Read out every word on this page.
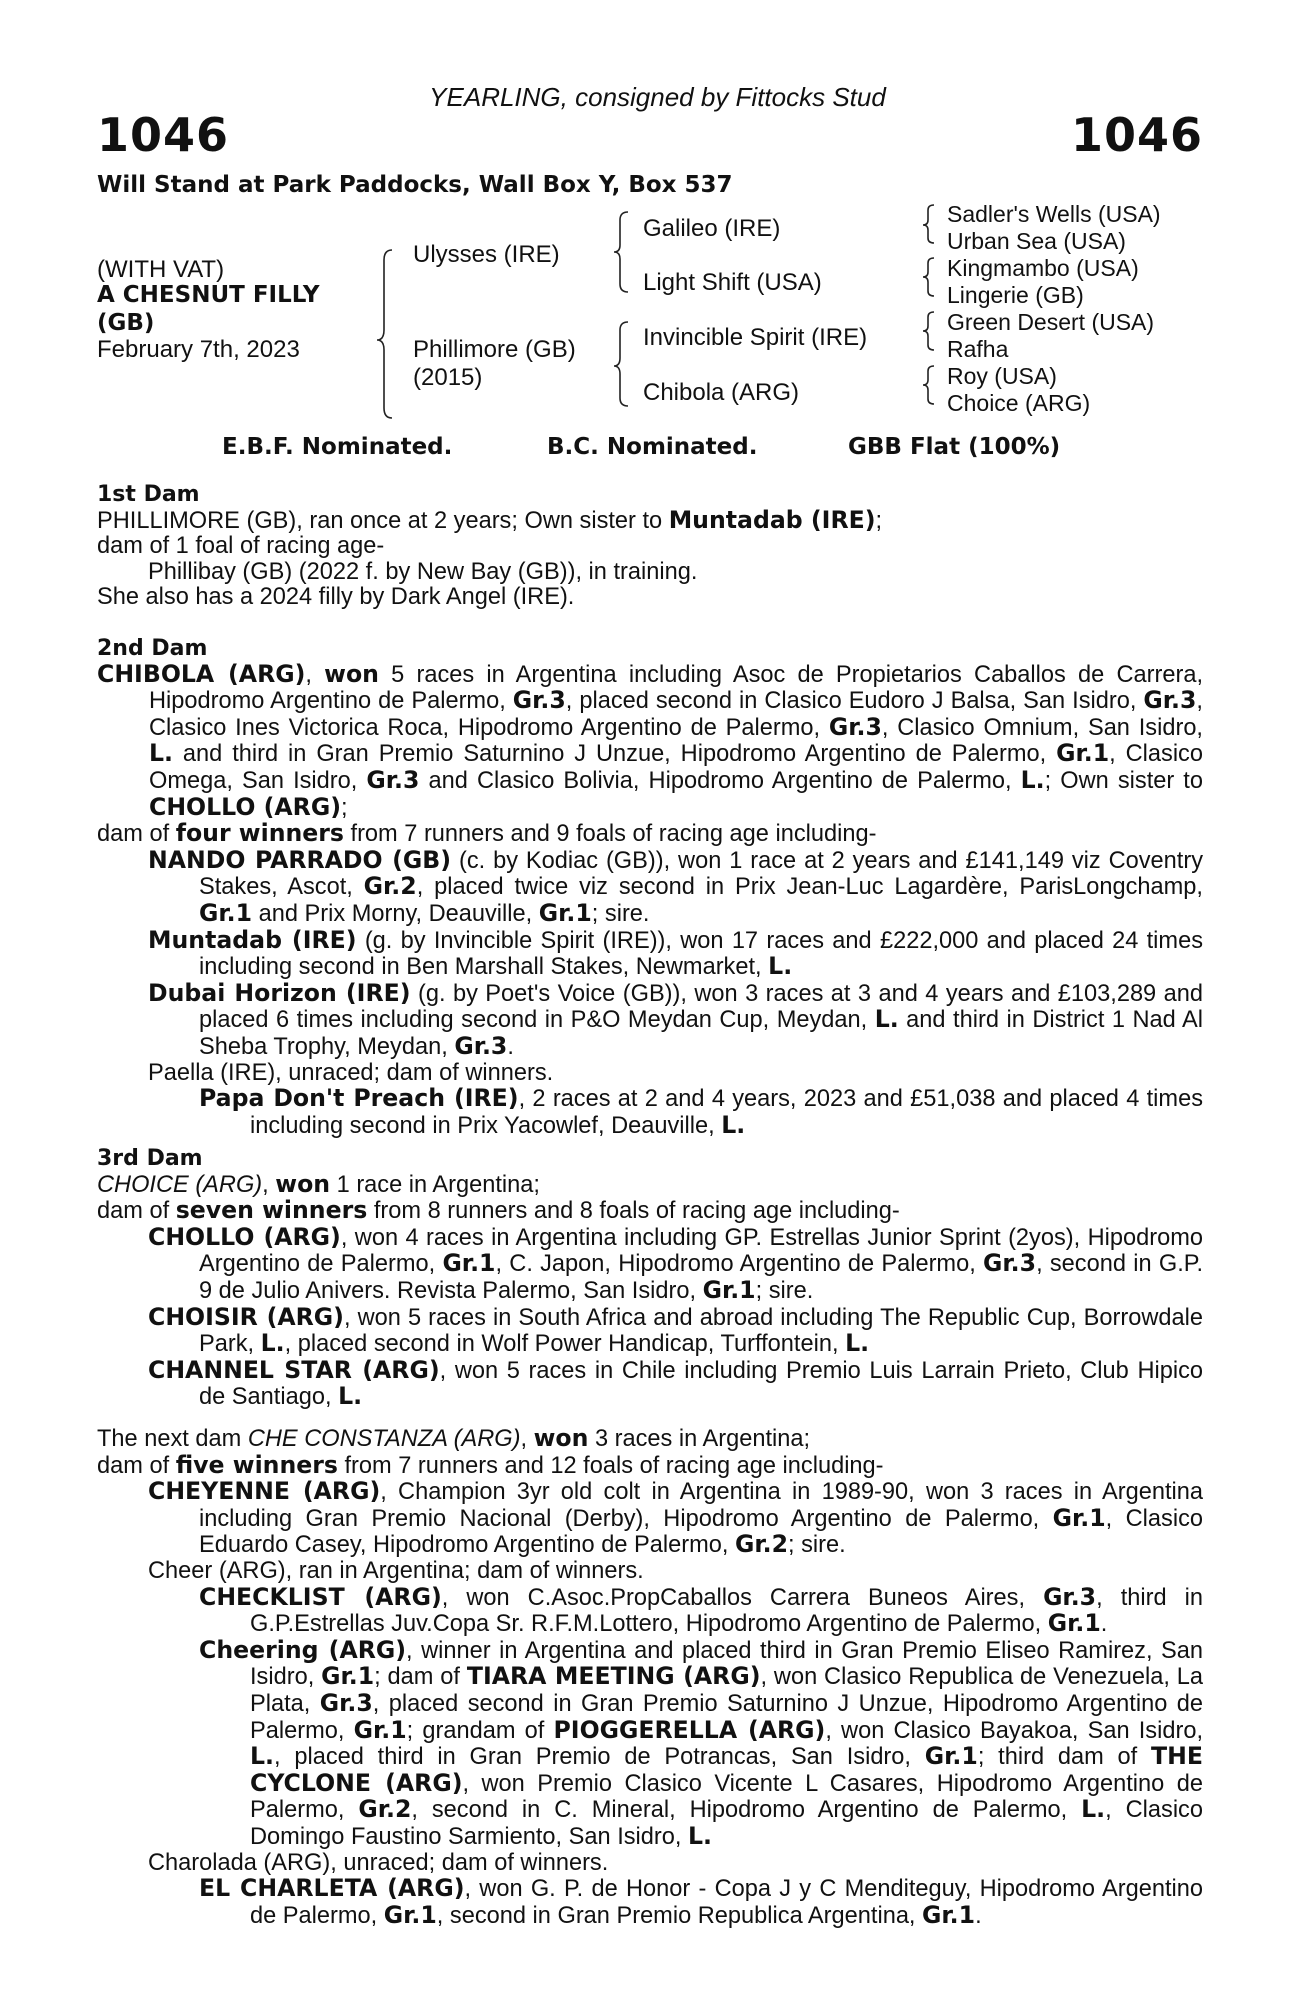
YEARLING, consigned by Fittocks Stud
1046	1046
Will Stand at Park Paddocks, Wall Box Y, Box 537
(WITH VAT)
A CHESNUT FILLY
(GB)
February 7th, 2023
Ulysses (IRE)
Phillimore (GB)
(2015)
Galileo (IRE)
Light Shift (USA)
Invincible Spirit (IRE)
Chibola (ARG)
Sadler's Wells (USA)
Urban Sea (USA)
Kingmambo (USA)
Lingerie (GB)
Green Desert (USA)
Rafha
Roy (USA)
Choice (ARG)
E.B.F. Nominated.	B.C. Nominated.	GBB Flat (100%)

1st Dam

PHILLIMORE (GB), ran once at 2 years; Own sister to Muntadab (IRE);

dam of 1 foal of racing age-

Phillibay (GB) (2022 f. by New Bay (GB)), in training.

She also has a 2024 filly by Dark Angel (IRE).

2nd Dam

CHIBOLA (ARG), won 5 races in Argentina including Asoc de Propietarios Caballos de Carrera, Hipodromo Argentino de Palermo, Gr.3, placed second in Clasico Eudoro J Balsa, San Isidro, Gr.3, Clasico Ines Victorica Roca, Hipodromo Argentino de Palermo, Gr.3, Clasico Omnium, San Isidro, L. and third in Gran Premio Saturnino J Unzue, Hipodromo Argentino de Palermo, Gr.1, Clasico Omega, San Isidro, Gr.3 and Clasico Bolivia, Hipodromo Argentino de Palermo, L.; Own sister to CHOLLO (ARG);

dam of four winners from 7 runners and 9 foals of racing age including-

NANDO PARRADO (GB) (c. by Kodiac (GB)), won 1 race at 2 years and £141,149 viz Coventry Stakes, Ascot, Gr.2, placed twice viz second in Prix Jean-Luc Lagardère, ParisLongchamp, Gr.1 and Prix Morny, Deauville, Gr.1; sire.

Muntadab (IRE) (g. by Invincible Spirit (IRE)), won 17 races and £222,000 and placed 24 times including second in Ben Marshall Stakes, Newmarket, L.

Dubai Horizon (IRE) (g. by Poet's Voice (GB)), won 3 races at 3 and 4 years and £103,289 and placed 6 times including second in P&O Meydan Cup, Meydan, L. and third in District 1 Nad Al Sheba Trophy, Meydan, Gr.3.

Paella (IRE), unraced; dam of winners.

Papa Don't Preach (IRE), 2 races at 2 and 4 years, 2023 and £51,038 and placed 4 times including second in Prix Yacowlef, Deauville, L.

3rd Dam

CHOICE (ARG), won 1 race in Argentina;

dam of seven winners from 8 runners and 8 foals of racing age including-

CHOLLO (ARG), won 4 races in Argentina including GP. Estrellas Junior Sprint (2yos), Hipodromo Argentino de Palermo, Gr.1, C. Japon, Hipodromo Argentino de Palermo, Gr.3, second in G.P. 9 de Julio Anivers. Revista Palermo, San Isidro, Gr.1; sire.

CHOISIR (ARG), won 5 races in South Africa and abroad including The Republic Cup, Borrowdale Park, L., placed second in Wolf Power Handicap, Turffontein, L.

CHANNEL STAR (ARG), won 5 races in Chile including Premio Luis Larrain Prieto, Club Hipico de Santiago, L.

The next dam CHE CONSTANZA (ARG), won 3 races in Argentina;

dam of five winners from 7 runners and 12 foals of racing age including-

CHEYENNE (ARG), Champion 3yr old colt in Argentina in 1989-90, won 3 races in Argentina including Gran Premio Nacional (Derby), Hipodromo Argentino de Palermo, Gr.1, Clasico Eduardo Casey, Hipodromo Argentino de Palermo, Gr.2; sire.

Cheer (ARG), ran in Argentina; dam of winners.

CHECKLIST (ARG), won C.Asoc.PropCaballos Carrera Buneos Aires, Gr.3, third in G.P.Estrellas Juv.Copa Sr. R.F.M.Lottero, Hipodromo Argentino de Palermo, Gr.1.

Cheering (ARG), winner in Argentina and placed third in Gran Premio Eliseo Ramirez, San Isidro, Gr.1; dam of TIARA MEETING (ARG), won Clasico Republica de Venezuela, La Plata, Gr.3, placed second in Gran Premio Saturnino J Unzue, Hipodromo Argentino de Palermo, Gr.1; grandam of PIOGGERELLA (ARG), won Clasico Bayakoa, San Isidro, L., placed third in Gran Premio de Potrancas, San Isidro, Gr.1; third dam of THE CYCLONE (ARG), won Premio Clasico Vicente L Casares, Hipodromo Argentino de Palermo, Gr.2, second in C. Mineral, Hipodromo Argentino de Palermo, L., Clasico Domingo Faustino Sarmiento, San Isidro, L.

Charolada (ARG), unraced; dam of winners.

EL CHARLETA (ARG), won G. P. de Honor - Copa J y C Menditeguy, Hipodromo Argentino de Palermo, Gr.1, second in Gran Premio Republica Argentina, Gr.1.
